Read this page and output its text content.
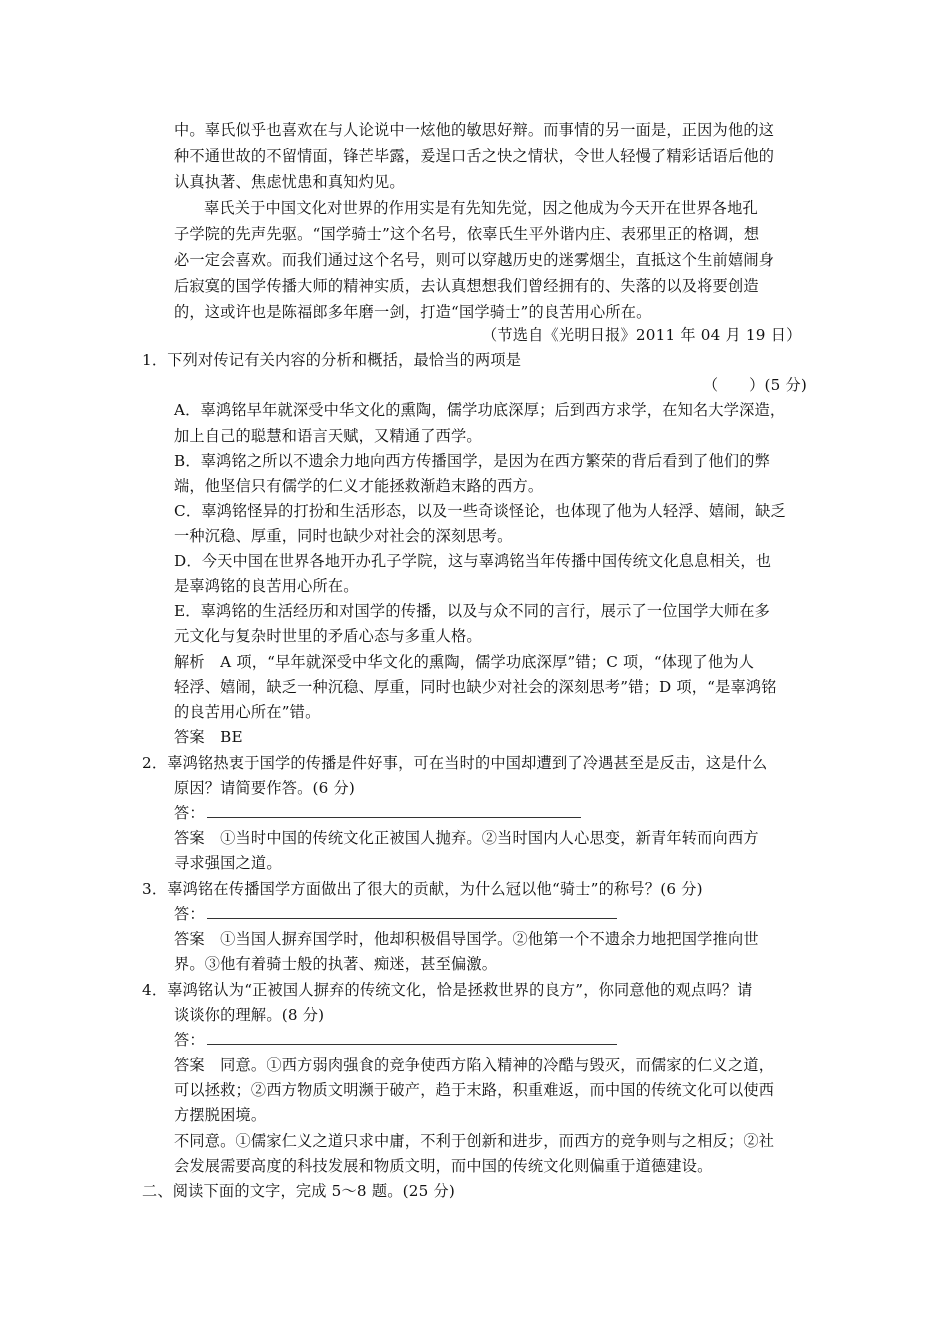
中。辜氏似乎也喜欢在与人论说中一炫他的敏思好辩。而事情的另一面是，正因为他的这
种不通世故的不留情面，锋芒毕露，爰逞口舌之快之情状，令世人轻慢了精彩话语后他的
认真执著、焦虑忧患和真知灼见。
辜氏关于中国文化对世界的作用实是有先知先觉，因之他成为今天开在世界各地孔
子学院的先声先驱。“国学骑士”这个名号，依辜氏生平外谐内庄、表邪里正的格调，想
必一定会喜欢。而我们通过这个名号，则可以穿越历史的迷雾烟尘，直抵这个生前嬉闹身
后寂寞的国学传播大师的精神实质，去认真想想我们曾经拥有的、失落的以及将要创造
的，这或许也是陈福郎多年磨一剑，打造“国学骑士”的良苦用心所在。
（节选自《光明日报》2011 年 04 月 19 日）
1．下列对传记有关内容的分析和概括，最恰当的两项是
（　　）(5 分)
A．辜鸿铭早年就深受中华文化的熏陶，儒学功底深厚；后到西方求学，在知名大学深造，
加上自己的聪慧和语言天赋，又精通了西学。
B．辜鸿铭之所以不遗余力地向西方传播国学，是因为在西方繁荣的背后看到了他们的弊
端，他坚信只有儒学的仁义才能拯救渐趋末路的西方。
C．辜鸿铭怪异的打扮和生活形态，以及一些奇谈怪论，也体现了他为人轻浮、嬉闹，缺乏
一种沉稳、厚重，同时也缺少对社会的深刻思考。
D．今天中国在世界各地开办孔子学院，这与辜鸿铭当年传播中国传统文化息息相关，也
是辜鸿铭的良苦用心所在。
E．辜鸿铭的生活经历和对国学的传播，以及与众不同的言行，展示了一位国学大师在多
元文化与复杂时世里的矛盾心态与多重人格。
解析　A 项，“早年就深受中华文化的熏陶，儒学功底深厚”错；C 项，“体现了他为人
轻浮、嬉闹，缺乏一种沉稳、厚重，同时也缺少对社会的深刻思考”错；D 项，“是辜鸿铭
的良苦用心所在”错。
答案　BE
2．辜鸿铭热衷于国学的传播是件好事，可在当时的中国却遭到了冷遇甚至是反击，这是什么
原因？请简要作答。(6 分)
答：
答案　①当时中国的传统文化正被国人抛弃。②当时国内人心思变，新青年转而向西方
寻求强国之道。
3．辜鸿铭在传播国学方面做出了很大的贡献，为什么冠以他“骑士”的称号？(6 分)
答：
答案　①当国人摒弃国学时，他却积极倡导国学。②他第一个不遗余力地把国学推向世
界。③他有着骑士般的执著、痴迷，甚至偏激。
4．辜鸿铭认为“正被国人摒弃的传统文化，恰是拯救世界的良方”，你同意他的观点吗？请
谈谈你的理解。(8 分)
答：
答案　同意。①西方弱肉强食的竞争使西方陷入精神的冷酷与毁灭，而儒家的仁义之道，
可以拯救；②西方物质文明濒于破产，趋于末路，积重难返，而中国的传统文化可以使西
方摆脱困境。
不同意。①儒家仁义之道只求中庸，不利于创新和进步，而西方的竞争则与之相反；②社
会发展需要高度的科技发展和物质文明，而中国的传统文化则偏重于道德建设。
二、阅读下面的文字，完成 5～8 题。(25 分)
